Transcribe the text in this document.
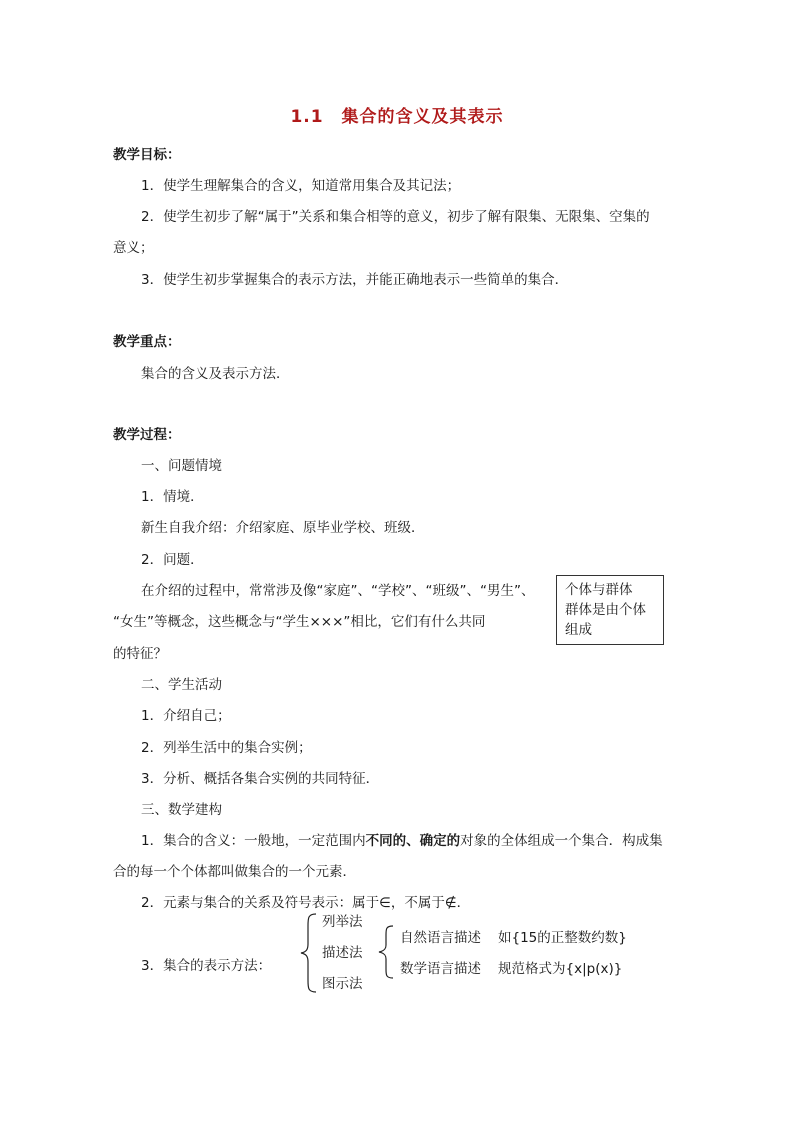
1.1　集合的含义及其表示
教学目标：
1．使学生理解集合的含义，知道常用集合及其记法；
2．使学生初步了解“属于”关系和集合相等的意义，初步了解有限集、无限集、空集的
意义；
3．使学生初步掌握集合的表示方法，并能正确地表示一些简单的集合．
教学重点：
集合的含义及表示方法．
教学过程：
一、问题情境
1．情境．
新生自我介绍：介绍家庭、原毕业学校、班级．
2．问题．
在介绍的过程中，常常涉及像“家庭”、“学校”、“班级”、“男生”、
“女生”等概念，这些概念与“学生×××”相比，它们有什么共同
的特征？
个体与群体
群体是由个体
组成
二、学生活动
1．介绍自己；
2．列举生活中的集合实例；
3．分析、概括各集合实例的共同特征．
三、数学建构
1．集合的含义：一般地，一定范围内不同的、确定的对象的全体组成一个集合．构成集
合的每一个个体都叫做集合的一个元素．
2．元素与集合的关系及符号表示：属于∈，不属于∉．
3．集合的表示方法：
列举法
描述法
图示法
自然语言描述 如{15的正整数约数}
数学语言描述 规范格式为{x|p(x)}
